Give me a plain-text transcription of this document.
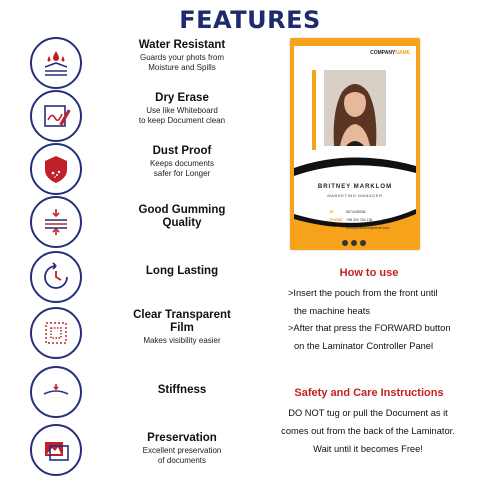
FEATURES
Water Resistant
Guards your phots from
Moisture and Spills
Dry Erase
Use like Whiteboard
to keep Document clean
Dust Proof
Keeps documents
safer for Longer
Good Gumming
Quality
Long Lasting
Clear Transparent
Film
Makes visibility easier
Stiffness
Preservation
Excellent preservation
of documents
COMPANYNAME
BRITNEY MARKLOM
MARKETING MANAGER
ID	5674435936
PHONE +98 324 764 136
EMAIL britneymarklom@email.com
How to use
>Insert the pouch from the front until
the machine heats
>After that press the FORWARD button
on the Laminator Controller Panel
Safety and Care Instructions
DO NOT tug or pull the Document as it
comes out from the back of the Laminator.
Wait until it becomes Free!
